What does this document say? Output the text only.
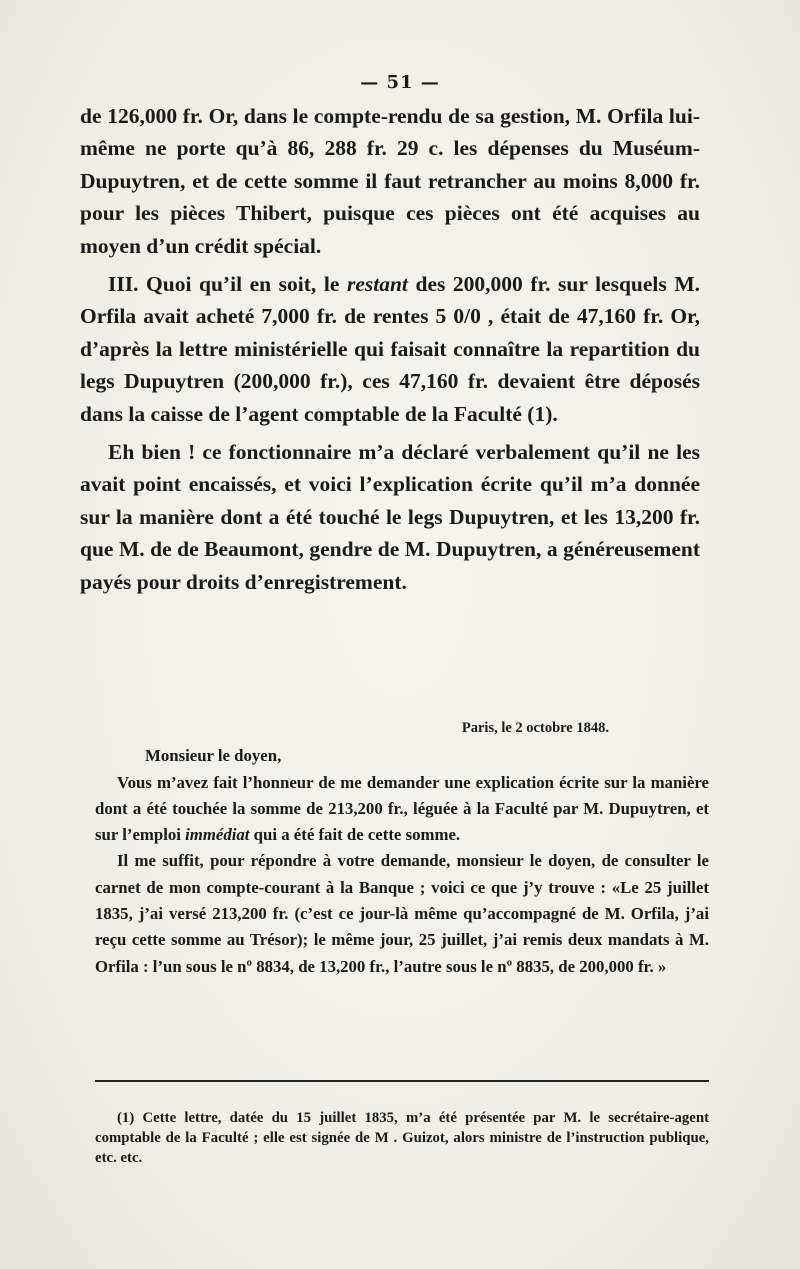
— 51 —

de 126,000 fr. Or, dans le compte-rendu de sa gestion, M. Orfila lui-même ne porte qu’à 86, 288 fr. 29 c. les dépenses du Muséum-Dupuytren, et de cette somme il faut retrancher au moins 8,000 fr. pour les pièces Thibert, puisque ces pièces ont été acquises au moyen d’un crédit spécial.

III. Quoi qu’il en soit, le restant des 200,000 fr. sur lesquels M. Orfila avait acheté 7,000 fr. de rentes 5 0/0 , était de 47,160 fr. Or, d’après la lettre ministérielle qui faisait connaître la repartition du legs Dupuytren (200,000 fr.), ces 47,160 fr. devaient être déposés dans la caisse de l’agent comptable de la Faculté (1).

Eh bien ! ce fonctionnaire m’a déclaré verbalement qu’il ne les avait point encaissés, et voici l’explication écrite qu’il m’a donnée sur la manière dont a été touché le legs Dupuytren, et les 13,200 fr. que M. de de Beaumont, gendre de M. Dupuytren, a généreusement payés pour droits d’enregistrement.

Paris, le 2 octobre 1848.

Monsieur le doyen,

Vous m’avez fait l’honneur de me demander une explication écrite sur la manière dont a été touchée la somme de 213,200 fr., léguée à la Faculté par M. Dupuytren, et sur l’emploi immédiat qui a été fait de cette somme.

Il me suffit, pour répondre à votre demande, monsieur le doyen, de consulter le carnet de mon compte-courant à la Banque ; voici ce que j’y trouve : «Le 25 juillet 1835, j’ai versé 213,200 fr. (c’est ce jour-là même qu’accompagné de M. Orfila, j’ai reçu cette somme au Trésor); le même jour, 25 juillet, j’ai remis deux mandats à M. Orfila : l’un sous le nº 8834, de 13,200 fr., l’autre sous le nº 8835, de 200,000 fr. »

(1) Cette lettre, datée du 15 juillet 1835, m’a été présentée par M. le secrétaire-agent comptable de la Faculté ; elle est signée de M . Guizot, alors ministre de l’instruction publique, etc. etc.
